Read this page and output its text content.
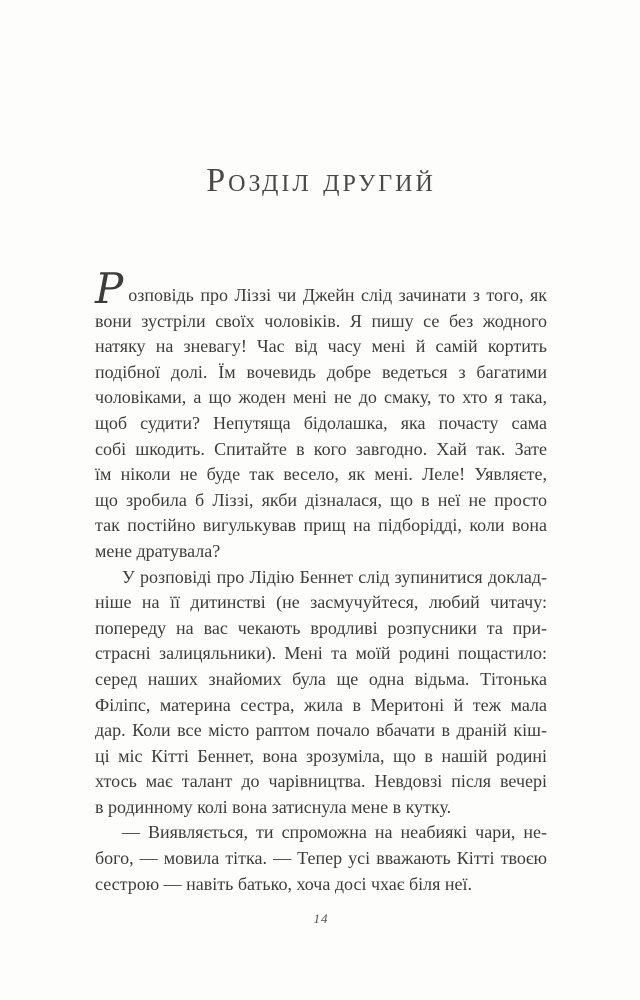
Розділ другий
Розповідь про Ліззі чи Джейн слід зачинати з того, як
вони зустріли своїх чоловіків. Я пишу се без жодного
натяку на зневагу! Час від часу мені й самій кортить
подібної долі. Їм вочевидь добре ведеться з багатими
чоловіками, а що жоден мені не до смаку, то хто я така,
щоб судити? Непутяща бідолашка, яка почасту сама
собі шкодить. Спитайте в кого завгодно. Хай так. Зате
їм ніколи не буде так весело, як мені. Леле! Уявляєте,
що зробила б Ліззі, якби дізналася, що в неї не просто
так постійно вигулькував прищ на підборідді, коли вона
мене дратувала?
У розповіді про Лідію Беннет слід зупинитися доклад-
ніше на її дитинстві (не засмучуйтеся, любий читачу:
попереду на вас чекають вродливі розпусники та при-
страсні залицяльники). Мені та моїй родині пощастило:
серед наших знайомих була ще одна відьма. Тітонька
Філіпс, материна сестра, жила в Меритоні й теж мала
дар. Коли все місто раптом почало вбачати в драній кіш-
ці міс Кітті Беннет, вона зрозуміла, що в нашій родині
хтось має талант до чарівництва. Невдовзі після вечері
в родинному колі вона затиснула мене в кутку.
— Виявляється, ти спроможна на неабиякі чари, не-
бого, — мовила тітка. — Тепер усі вважають Кітті твоєю
сестрою — навіть батько, хоча досі чхає біля неї.
14
